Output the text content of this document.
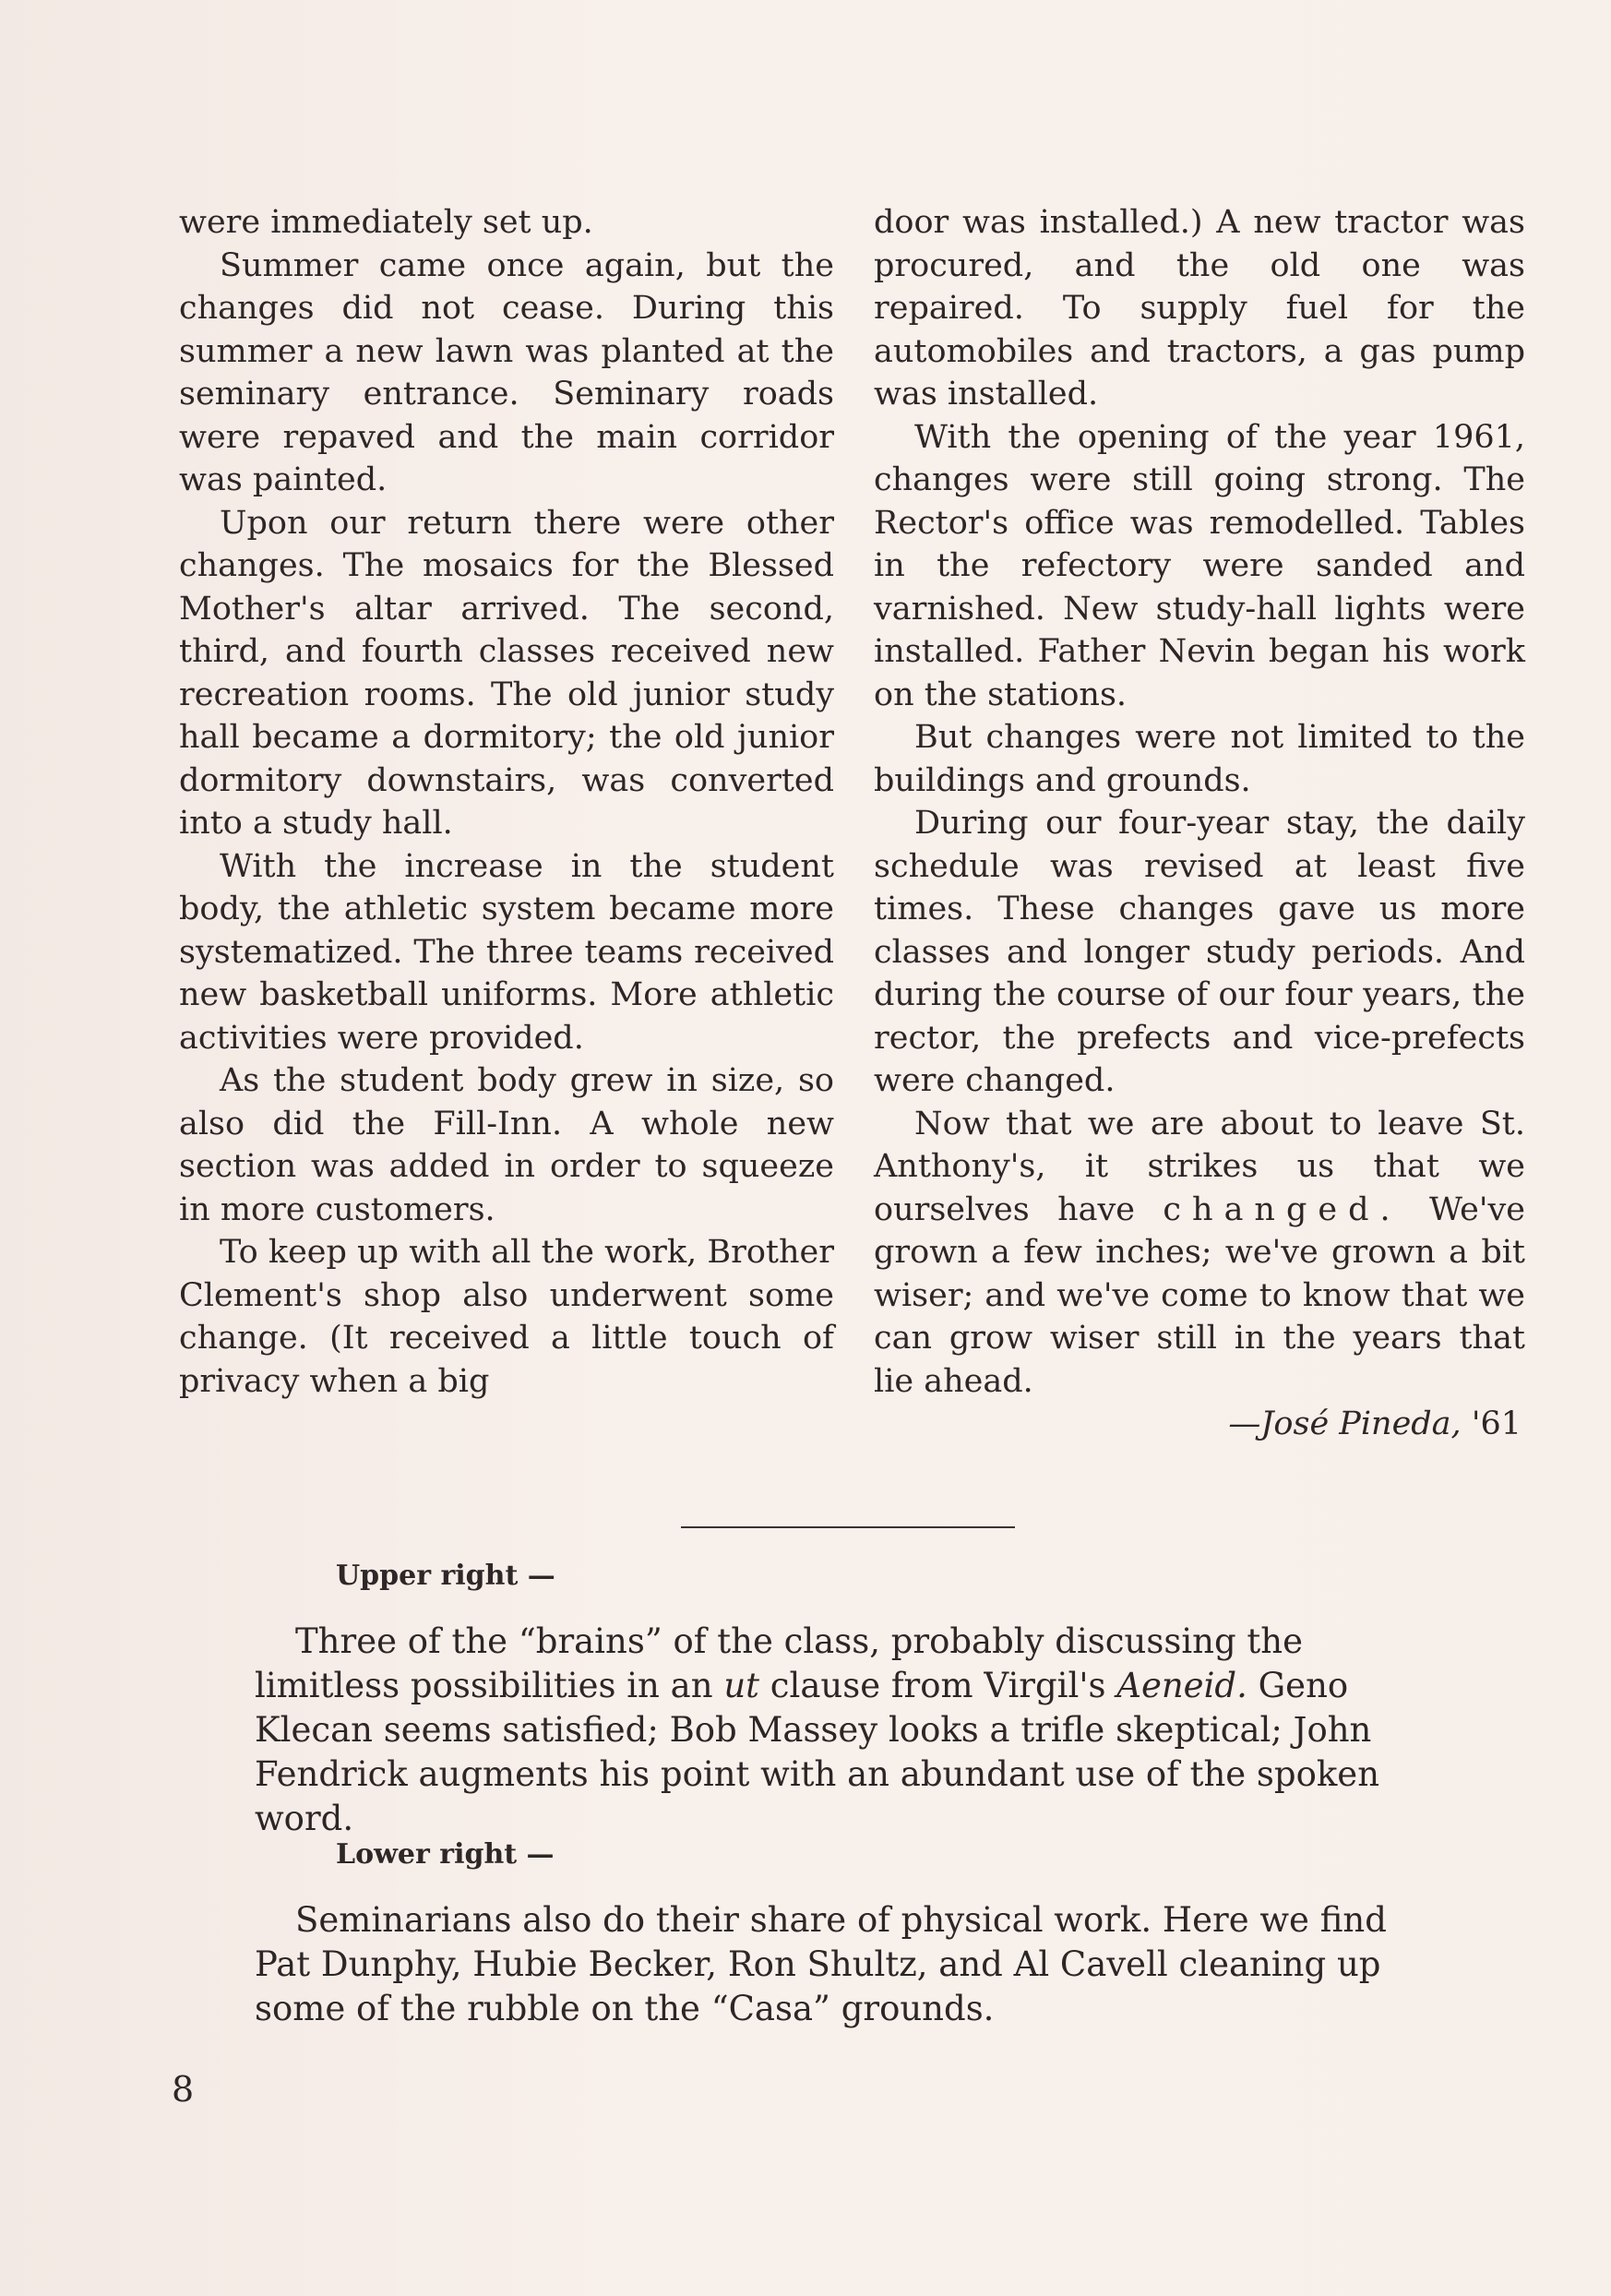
were immediately set up.

Summer came once again, but the changes did not cease. During this summer a new lawn was planted at the seminary entrance. Seminary roads were repaved and the main corridor was painted.

Upon our return there were other changes. The mosaics for the Blessed Mother's altar arrived. The second, third, and fourth classes received new recreation rooms. The old junior study hall became a dormitory; the old junior dormitory downstairs, was converted into a study hall.

With the increase in the student body, the athletic system became more systematized. The three teams received new basketball uniforms. More athletic activities were provided.

As the student body grew in size, so also did the Fill-Inn. A whole new section was added in order to squeeze in more customers.

To keep up with all the work, Brother Clement's shop also underwent some change. (It received a little touch of privacy when a big

door was installed.) A new tractor was procured, and the old one was repaired. To supply fuel for the automobiles and tractors, a gas pump was installed.

With the opening of the year 1961, changes were still going strong. The Rector's office was remodelled. Tables in the refectory were sanded and varnished. New study-hall lights were installed. Father Nevin began his work on the stations.

But changes were not limited to the buildings and grounds.

During our four-year stay, the daily schedule was revised at least five times. These changes gave us more classes and longer study periods. And during the course of our four years, the rector, the prefects and vice-prefects were changed.

Now that we are about to leave St. Anthony's, it strikes us that we ourselves have changed. We've grown a few inches; we've grown a bit wiser; and we've come to know that we can grow wiser still in the years that lie ahead.

—José Pineda, '61

Upper right —

Three of the “brains” of the class, probably discussing the limitless possibilities in an ut clause from Virgil's Aeneid. Geno Klecan seems satisfied; Bob Massey looks a trifle skeptical; John Fendrick augments his point with an abundant use of the spoken word.

Lower right —

Seminarians also do their share of physical work. Here we find Pat Dunphy, Hubie Becker, Ron Shultz, and Al Cavell cleaning up some of the rubble on the “Casa” grounds.

8
